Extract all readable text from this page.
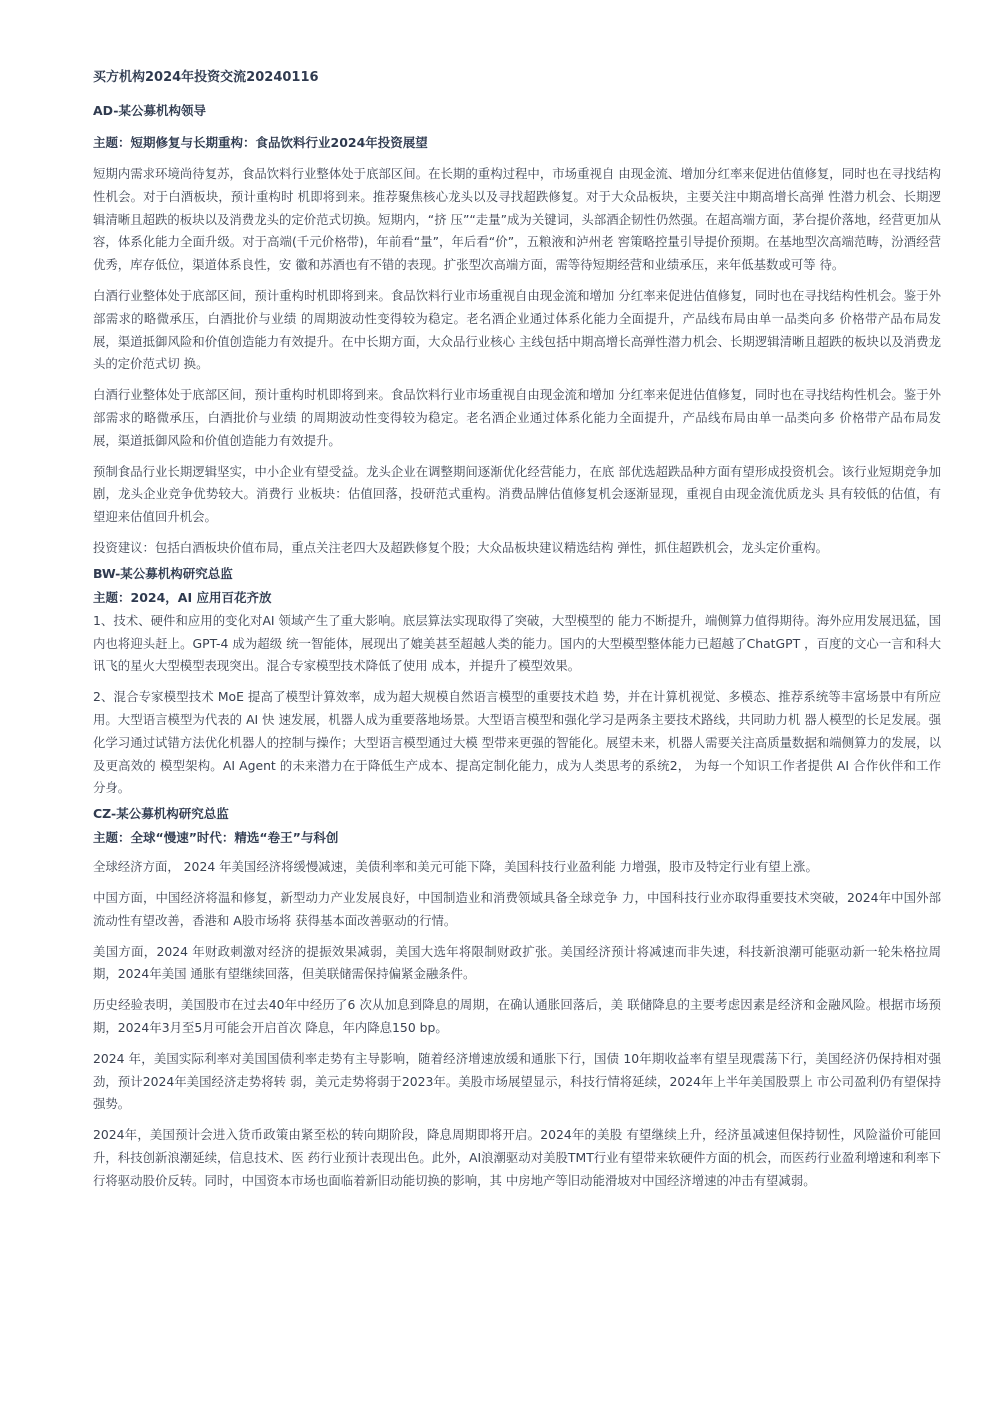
买方机构2024年投资交流20240116

AD-某公募机构领导

主题：短期修复与长期重构：食品饮料行业2024年投资展望

短期内需求环境尚待复苏，食品饮料行业整体处于底部区间。在长期的重构过程中，市场重视自 由现金流、增加分红率来促进估值修复，同时也在寻找结构性机会。对于白酒板块，预计重构时 机即将到来。推荐聚焦核心龙头以及寻找超跌修复。对于大众品板块，主要关注中期高增长高弹 性潜力机会、长期逻辑清晰且超跌的板块以及消费龙头的定价范式切换。短期内，“挤 压”“走量”成为关键词，头部酒企韧性仍然强。在超高端方面，茅台提价落地，经营更加从 容，体系化能力全面升级。对于高端(千元价格带)，年前看“量”，年后看“价”，五粮液和泸州老 窖策略控量引导提价预期。在基地型次高端范畴，汾酒经营优秀，库存低位，渠道体系良性，安 徽和苏酒也有不错的表现。扩张型次高端方面，需等待短期经营和业绩承压，来年低基数或可等 待。

白酒行业整体处于底部区间，预计重构时机即将到来。食品饮料行业市场重视自由现金流和增加 分红率来促进估值修复，同时也在寻找结构性机会。鉴于外部需求的略微承压，白酒批价与业绩 的周期波动性变得较为稳定。老名酒企业通过体系化能力全面提升，产品线布局由单一品类向多 价格带产品布局发展，渠道抵御风险和价值创造能力有效提升。在中长期方面，大众品行业核心 主线包括中期高增长高弹性潜力机会、长期逻辑清晰且超跌的板块以及消费龙头的定价范式切 换。

白酒行业整体处于底部区间，预计重构时机即将到来。食品饮料行业市场重视自由现金流和增加 分红率来促进估值修复，同时也在寻找结构性机会。鉴于外部需求的略微承压，白酒批价与业绩 的周期波动性变得较为稳定。老名酒企业通过体系化能力全面提升，产品线布局由单一品类向多 价格带产品布局发展，渠道抵御风险和价值创造能力有效提升。

预制食品行业长期逻辑坚实，中小企业有望受益。龙头企业在调整期间逐渐优化经营能力，在底 部优选超跌品种方面有望形成投资机会。该行业短期竞争加剧，龙头企业竞争优势较大。消费行 业板块：估值回落，投研范式重构。消费品牌估值修复机会逐渐显现，重视自由现金流优质龙头 具有较低的估值，有望迎来估值回升机会。

投资建议：包括白酒板块价值布局，重点关注老四大及超跌修复个股；大众品板块建议精选结构 弹性，抓住超跌机会，龙头定价重构。

BW-某公募机构研究总监

主题：2024，AI 应用百花齐放

1、技术、硬件和应用的变化对AI 领域产生了重大影响。底层算法实现取得了突破，大型模型的 能力不断提升，端侧算力值得期待。海外应用发展迅猛，国内也将迎头赶上。GPT-4 成为超级 统一智能体，展现出了媲美甚至超越人类的能力。国内的大型模型整体能力已超越了ChatGPT ，百度的文心一言和科大讯飞的星火大型模型表现突出。混合专家模型技术降低了使用 成本，并提升了模型效果。

2、混合专家模型技术 MoE 提高了模型计算效率，成为超大规模自然语言模型的重要技术趋 势，并在计算机视觉、多模态、推荐系统等丰富场景中有所应用。大型语言模型为代表的 AI 快 速发展，机器人成为重要落地场景。大型语言模型和强化学习是两条主要技术路线，共同助力机 器人模型的长足发展。强化学习通过试错方法优化机器人的控制与操作；大型语言模型通过大模 型带来更强的智能化。展望未来，机器人需要关注高质量数据和端侧算力的发展，以及更高效的 模型架构。AI Agent 的未来潜力在于降低生产成本、提高定制化能力，成为人类思考的系统2， 为每一个知识工作者提供 AI 合作伙伴和工作分身。

CZ-某公募机构研究总监

主题：全球“慢速”时代：精选“卷王”与科创

全球经济方面， 2024 年美国经济将缓慢减速，美债利率和美元可能下降，美国科技行业盈利能 力增强，股市及特定行业有望上涨。

中国方面，中国经济将温和修复，新型动力产业发展良好，中国制造业和消费领域具备全球竞争 力，中国科技行业亦取得重要技术突破，2024年中国外部流动性有望改善，香港和 A股市场将 获得基本面改善驱动的行情。

美国方面，2024 年财政刺激对经济的提振效果减弱，美国大选年将限制财政扩张。美国经济预计将减速而非失速，科技新浪潮可能驱动新一轮朱格拉周期，2024年美国 通胀有望继续回落，但美联储需保持偏紧金融条件。

历史经验表明，美国股市在过去40年中经历了6 次从加息到降息的周期，在确认通胀回落后，美 联储降息的主要考虑因素是经济和金融风险。根据市场预期，2024年3月至5月可能会开启首次 降息，年内降息150 bp。

2024 年，美国实际利率对美国国债利率走势有主导影响，随着经济增速放缓和通胀下行，国债 10年期收益率有望呈现震荡下行，美国经济仍保持相对强劲，预计2024年美国经济走势将转 弱，美元走势将弱于2023年。美股市场展望显示，科技行情将延续，2024年上半年美国股票上 市公司盈利仍有望保持强势。

2024年，美国预计会进入货币政策由紧至松的转向期阶段，降息周期即将开启。2024年的美股 有望继续上升，经济虽减速但保持韧性，风险溢价可能回升，科技创新浪潮延续，信息技术、医 药行业预计表现出色。此外，AI浪潮驱动对美股TMT行业有望带来软硬件方面的机会，而医药行业盈利增速和利率下行将驱动股价反转。同时，中国资本市场也面临着新旧动能切换的影响，其 中房地产等旧动能滑坡对中国经济增速的冲击有望减弱。
